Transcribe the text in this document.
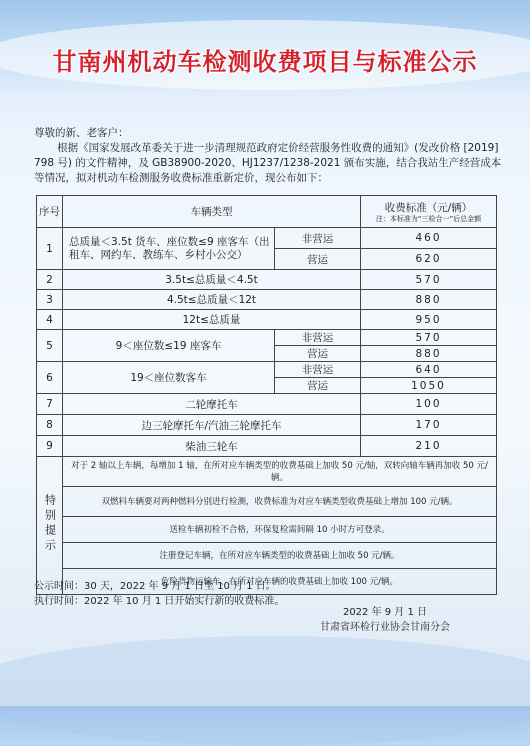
甘南州机动车检测收费项目与标准公示

尊敬的新、老客户：

根据《国家发展改革委关于进一步清理规范政府定价经营服务性收费的通知》(发改价格 [2019] 798 号) 的文件精神，及 GB38900-2020、HJ1237/1238-2021 颁布实施，结合我站生产经营成本等情况，拟对机动车检测服务收费标准重新定价，现公布如下：

序号	车辆类型		收费标准（元/辆）
注：本标准为“三检合一”后总金额

1	总质量＜3.5t 货车、座位数≤9 座客车（出租车、网约车、教练车、乡村小公交）	非营运	460
		营运	620
2	3.5t≤总质量＜4.5t		570
3	4.5t≤总质量＜12t		880
4	12t≤总质量		950
5	9＜座位数≤19 座客车	非营运	570
		营运	880
6	19＜座位数客车	非营运	640
		营运	1050
7	二轮摩托车		100
8	边三轮摩托车/汽油三轮摩托车		170
9	柴油三轮车		210
特别提示	对于 2 轴以上车辆，每增加 1 轴，在所对应车辆类型的收费基础上加收 50 元/轴，双转向轴车辆再加收 50 元/辆。		
	双燃料车辆要对两种燃料分别进行检测，收费标准为对应车辆类型收费基础上增加 100 元/辆。		
	送检车辆初检不合格，环保复检需间隔 10 小时方可登录。		
	注册登记车辆，在所对应车辆类型的收费基础上加收 50 元/辆。		
	危险货物运输车，在所对应车辆的收费基础上加收 100 元/辆。		

公示时间：30 天，2022 年 9 月 1 日至 10 月 1 日。

执行时间：2022 年 10 月 1 日开始实行新的收费标准。

2022 年 9 月 1 日

甘肃省环检行业协会甘南分会
